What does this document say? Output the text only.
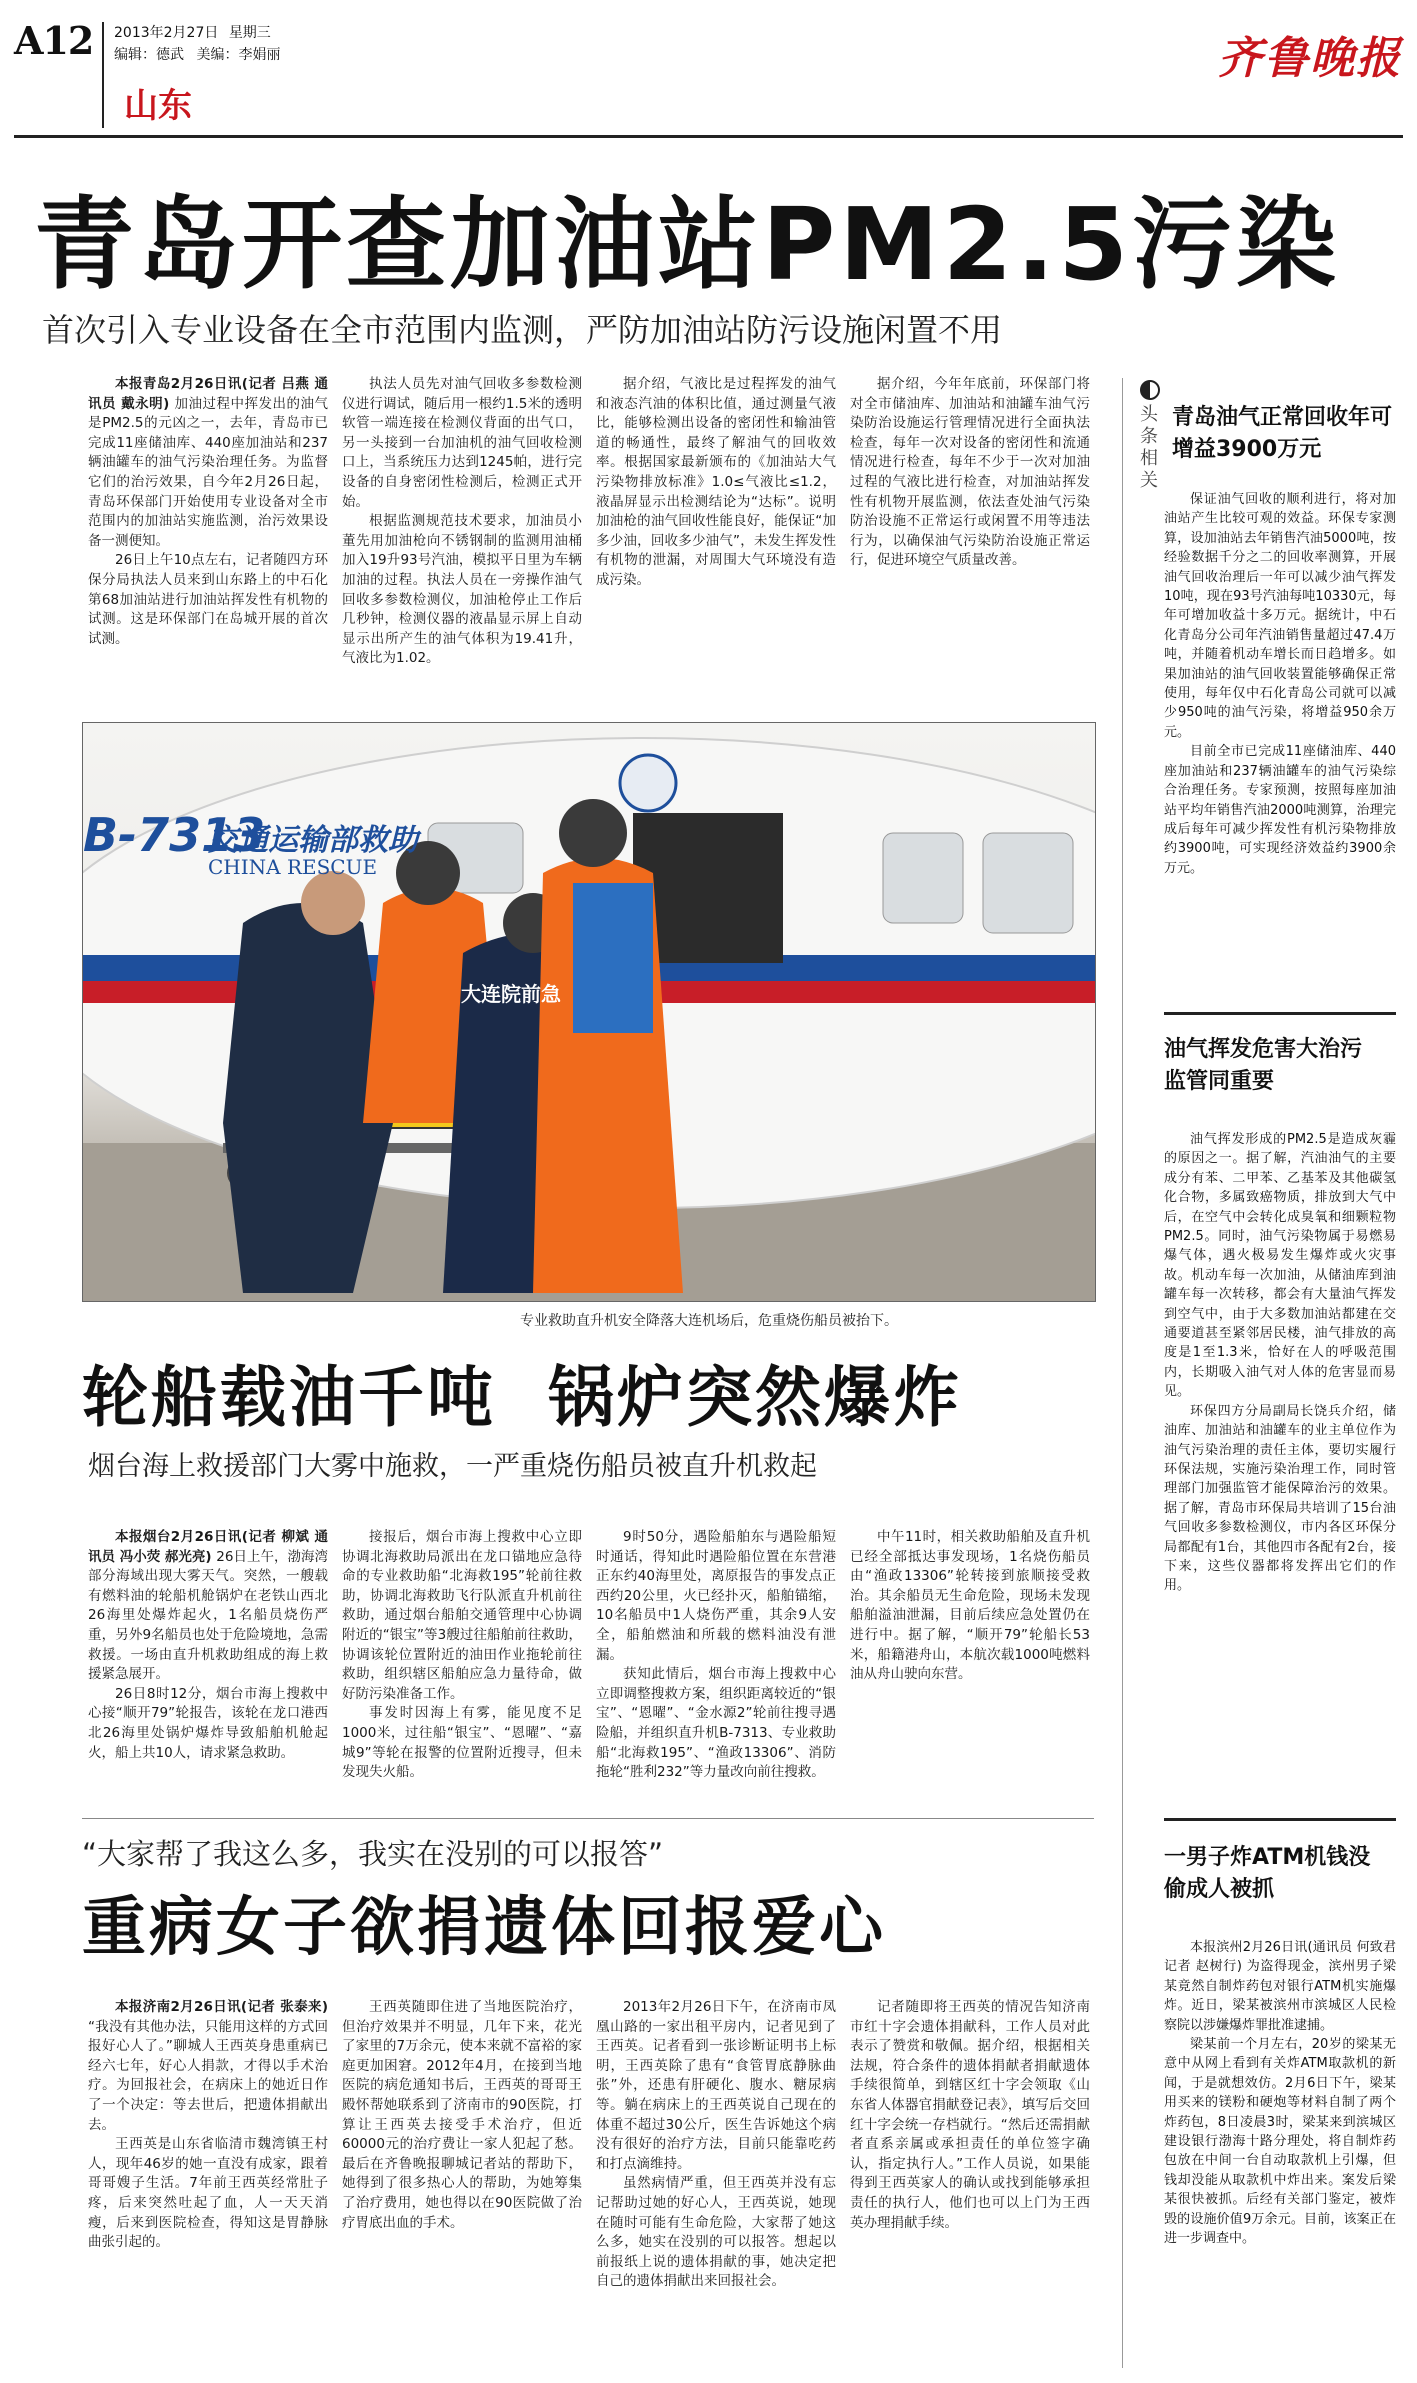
A12 2013年2月27日 星期三
编辑：德武 美编：李娟丽
山东
齐鲁晚报
青岛开查加油站PM2.5污染
首次引入专业设备在全市范围内监测，严防加油站防污设施闲置不用

本报青岛2月26日讯(记者 吕燕 通讯员 戴永明) 加油过程中挥发出的油气是PM2.5的元凶之一，去年，青岛市已完成11座储油库、440座加油站和237辆油罐车的油气污染治理任务。为监督它们的治污效果，自今年2月26日起，青岛环保部门开始使用专业设备对全市范围内的加油站实施监测，治污效果设备一测便知。

26日上午10点左右，记者随四方环保分局执法人员来到山东路上的中石化第68加油站进行加油站挥发性有机物的试测。这是环保部门在岛城开展的首次试测。

执法人员先对油气回收多参数检测仪进行调试，随后用一根约1.5米的透明软管一端连接在检测仪背面的出气口，另一头接到一台加油机的油气回收检测口上，当系统压力达到1245帕，进行完设备的自身密闭性检测后，检测正式开始。

根据监测规范技术要求，加油员小董先用加油枪向不锈钢制的监测用油桶加入19升93号汽油，模拟平日里为车辆加油的过程。执法人员在一旁操作油气回收多参数检测仪，加油枪停止工作后几秒钟，检测仪器的液晶显示屏上自动显示出所产生的油气体积为19.41升，气液比为1.02。

据介绍，气液比是过程挥发的油气和液态汽油的体积比值，通过测量气液比，能够检测出设备的密闭性和输油管道的畅通性，最终了解油气的回收效率。根据国家最新颁布的《加油站大气污染物排放标准》1.0≤气液比≤1.2，液晶屏显示出检测结论为“达标”。说明加油枪的油气回收性能良好，能保证“加多少油，回收多少油气”，未发生挥发性有机物的泄漏，对周围大气环境没有造成污染。

据介绍，今年年底前，环保部门将对全市储油库、加油站和油罐车油气污染防治设施运行管理情况进行全面执法检查，每年一次对设备的密闭性和流通情况进行检查，每年不少于一次对加油过程的气液比进行检查，对加油站挥发性有机物开展监测，依法查处油气污染防治设施不正常运行或闲置不用等违法行为，以确保油气污染防治设施正常运行，促进环境空气质量改善。

B-7313
交通运输部救助
CHINA RESCUE
大连院前急
专业救助直升机安全降落大连机场后，危重烧伤船员被抬下。
轮船载油千吨  锅炉突然爆炸
烟台海上救援部门大雾中施救，一严重烧伤船员被直升机救起

本报烟台2月26日讯(记者 柳斌 通讯员 冯小荧 郝光亮) 26日上午，渤海湾部分海域出现大雾天气。突然，一艘载有燃料油的轮船机舱锅炉在老铁山西北26海里处爆炸起火，1名船员烧伤严重，另外9名船员也处于危险境地，急需救援。一场由直升机救助组成的海上救援紧急展开。

26日8时12分，烟台市海上搜救中心接“顺开79”轮报告，该轮在龙口港西北26海里处锅炉爆炸导致船舶机舱起火，船上共10人，请求紧急救助。

接报后，烟台市海上搜救中心立即协调北海救助局派出在龙口锚地应急待命的专业救助船“北海救195”轮前往救助，协调北海救助飞行队派直升机前往救助，通过烟台船舶交通管理中心协调附近的“银宝”等3艘过往船舶前往救助，协调该轮位置附近的油田作业拖轮前往救助，组织辖区船舶应急力量待命，做好防污染准备工作。

事发时因海上有雾，能见度不足1000米，过往船“银宝”、“恩曜”、“嘉城9”等轮在报警的位置附近搜寻，但未发现失火船。

9时50分，遇险船舶东与遇险船短时通话，得知此时遇险船位置在东营港正东约40海里处，离原报告的事发点正西约20公里，火已经扑灭，船舶锚缩，10名船员中1人烧伤严重，其余9人安全，船舶燃油和所载的燃料油没有泄漏。

获知此情后，烟台市海上搜救中心立即调整搜救方案，组织距离较近的“银宝”、“恩曜”、“金水源2”轮前往搜寻遇险船，并组织直升机B-7313、专业救助船“北海救195”、“渔政13306”、消防拖轮“胜利232”等力量改向前往搜救。

中午11时，相关救助船舶及直升机已经全部抵达事发现场，1名烧伤船员由“渔政13306”轮转接到旅顺接受救治。其余船员无生命危险，现场未发现船舶溢油泄漏，目前后续应急处置仍在进行中。据了解，“顺开79”轮船长53米，船籍港舟山，本航次载1000吨燃料油从舟山驶向东营。

“大家帮了我这么多，我实在没别的可以报答”
重病女子欲捐遗体回报爱心

本报济南2月26日讯(记者 张泰来) “我没有其他办法，只能用这样的方式回报好心人了。”聊城人王西英身患重病已经六七年，好心人捐款，才得以手术治疗。为回报社会，在病床上的她近日作了一个决定：等去世后，把遗体捐献出去。

王西英是山东省临清市魏湾镇王村人，现年46岁的她一直没有成家，跟着哥哥嫂子生活。7年前王西英经常肚子疼，后来突然吐起了血，人一天天消瘦，后来到医院检查，得知这是胃静脉曲张引起的。

王西英随即住进了当地医院治疗，但治疗效果并不明显，几年下来，花光了家里的7万余元，使本来就不富裕的家庭更加困窘。2012年4月，在接到当地医院的病危通知书后，王西英的哥哥王殿怀帮她联系到了济南市的90医院，打算让王西英去接受手术治疗，但近60000元的治疗费让一家人犯起了愁。最后在齐鲁晚报聊城记者站的帮助下，她得到了很多热心人的帮助，为她筹集了治疗费用，她也得以在90医院做了治疗胃底出血的手术。

2013年2月26日下午，在济南市凤凰山路的一家出租平房内，记者见到了王西英。记者看到一张诊断证明书上标明，王西英除了患有“食管胃底静脉曲张”外，还患有肝硬化、腹水、糖尿病等。躺在病床上的王西英说自己现在的体重不超过30公斤，医生告诉她这个病没有很好的治疗方法，目前只能靠吃药和打点滴维持。

虽然病情严重，但王西英并没有忘记帮助过她的好心人，王西英说，她现在随时可能有生命危险，大家帮了她这么多，她实在没别的可以报答。想起以前报纸上说的遗体捐献的事，她决定把自己的遗体捐献出来回报社会。

记者随即将王西英的情况告知济南市红十字会遗体捐献科，工作人员对此表示了赞赏和敬佩。据介绍，根据相关法规，符合条件的遗体捐献者捐献遗体手续很简单，到辖区红十字会领取《山东省人体器官捐献登记表》，填写后交回红十字会统一存档就行。“然后还需捐献者直系亲属或承担责任的单位签字确认，指定执行人。”工作人员说，如果能得到王西英家人的确认或找到能够承担责任的执行人，他们也可以上门为王西英办理捐献手续。

头条相关
青岛油气正常回收年可增益3900万元

保证油气回收的顺利进行，将对加油站产生比较可观的效益。环保专家测算，设加油站去年销售汽油5000吨，按经验数据千分之二的回收率测算，开展油气回收治理后一年可以减少油气挥发10吨，现在93号汽油每吨10330元，每年可增加收益十多万元。据统计，中石化青岛分公司年汽油销售量超过47.4万吨，并随着机动车增长而日趋增多。如果加油站的油气回收装置能够确保正常使用，每年仅中石化青岛公司就可以减少950吨的油气污染，将增益950余万元。

目前全市已完成11座储油库、440座加油站和237辆油罐车的油气污染综合治理任务。专家预测，按照每座加油站平均年销售汽油2000吨测算，治理完成后每年可减少挥发性有机污染物排放约3900吨，可实现经济效益约3900余万元。

油气挥发危害大治污监管同重要

油气挥发形成的PM2.5是造成灰霾的原因之一。据了解，汽油油气的主要成分有苯、二甲苯、乙基苯及其他碳氢化合物，多属致癌物质，排放到大气中后，在空气中会转化成臭氧和细颗粒物PM2.5。同时，油气污染物属于易燃易爆气体，遇火极易发生爆炸或火灾事故。机动车每一次加油，从储油库到油罐车每一次转移，都会有大量油气挥发到空气中，由于大多数加油站都建在交通要道甚至紧邻居民楼，油气排放的高度是1至1.3米，恰好在人的呼吸范围内，长期吸入油气对人体的危害显而易见。

环保四方分局副局长饶兵介绍，储油库、加油站和油罐车的业主单位作为油气污染治理的责任主体，要切实履行环保法规，实施污染治理工作，同时管理部门加强监管才能保障治污的效果。据了解，青岛市环保局共培训了15台油气回收多参数检测仪，市内各区环保分局都配有1台，其他四市各配有2台，接下来，这些仪器都将发挥出它们的作用。

一男子炸ATM机钱没偷成人被抓

本报滨州2月26日讯(通讯员 何致君 记者 赵树行) 为盗得现金，滨州男子梁某竟然自制炸药包对银行ATM机实施爆炸。近日，梁某被滨州市滨城区人民检察院以涉嫌爆炸罪批准逮捕。

梁某前一个月左右，20岁的梁某无意中从网上看到有关炸ATM取款机的新闻，于是就想效仿。2月6日下午，梁某用买来的镁粉和硬炮等材料自制了两个炸药包，8日凌晨3时，梁某来到滨城区建设银行渤海十路分理处，将自制炸药包放在中间一台自动取款机上引爆，但钱却没能从取款机中炸出来。案发后梁某很快被抓。后经有关部门鉴定，被炸毁的设施价值9万余元。目前，该案正在进一步调查中。
